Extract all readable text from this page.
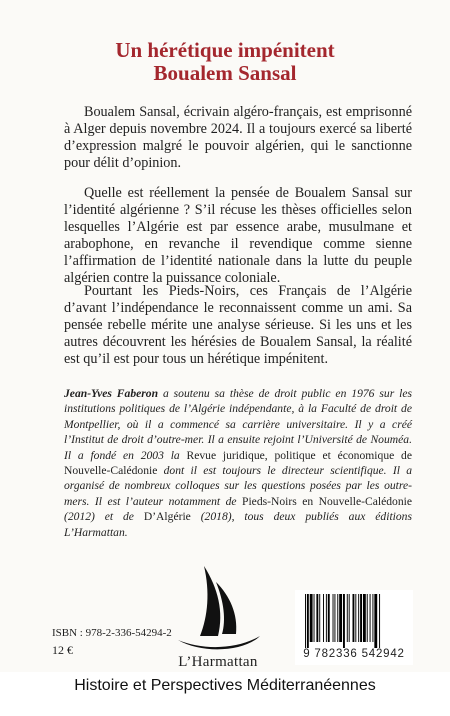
Un hérétique impénitent
Boualem Sansal

Boualem Sansal, écrivain algéro-français, est emprisonné à Alger depuis novembre 2024. Il a toujours exercé sa liberté d’expression malgré le pouvoir algérien, qui le sanctionne pour délit d’opinion.

Quelle est réellement la pensée de Boualem Sansal sur l’identité algérienne ? S’il récuse les thèses officielles selon lesquelles l’Algérie est par essence arabe, musulmane et arabophone, en revanche il revendique comme sienne l’affirmation de l’identité nationale dans la lutte du peuple algérien contre la puissance coloniale.

Pourtant les Pieds-Noirs, ces Français de l’Algérie d’avant l’indépendance le reconnaissent comme un ami. Sa pensée rebelle mérite une analyse sérieuse. Si les uns et les autres découvrent les hérésies de Boualem Sansal, la réalité est qu’il est pour tous un hérétique impénitent.

Jean-Yves Faberon a soutenu sa thèse de droit public en 1976 sur les institutions politiques de l’Algérie indépendante, à la Faculté de droit de Montpellier, où il a commencé sa carrière universitaire. Il y a créé l’Institut de droit d’outre-mer. Il a ensuite rejoint l’Université de Nouméa. Il a fondé en 2003 la Revue juridique, politique et économique de Nouvelle-Calédonie dont il est toujours le directeur scientifique. Il a organisé de nombreux colloques sur les questions posées par les outre-mers. Il est l’auteur notamment de Pieds-Noirs en Nouvelle-Calédonie (2012) et de D’Algérie (2018), tous deux publiés aux éditions L’Harmattan.

ISBN : 978-2-336-54294-2
12 €
L’Harmattan	9 782336 542942
Histoire et Perspectives Méditerranéennes
